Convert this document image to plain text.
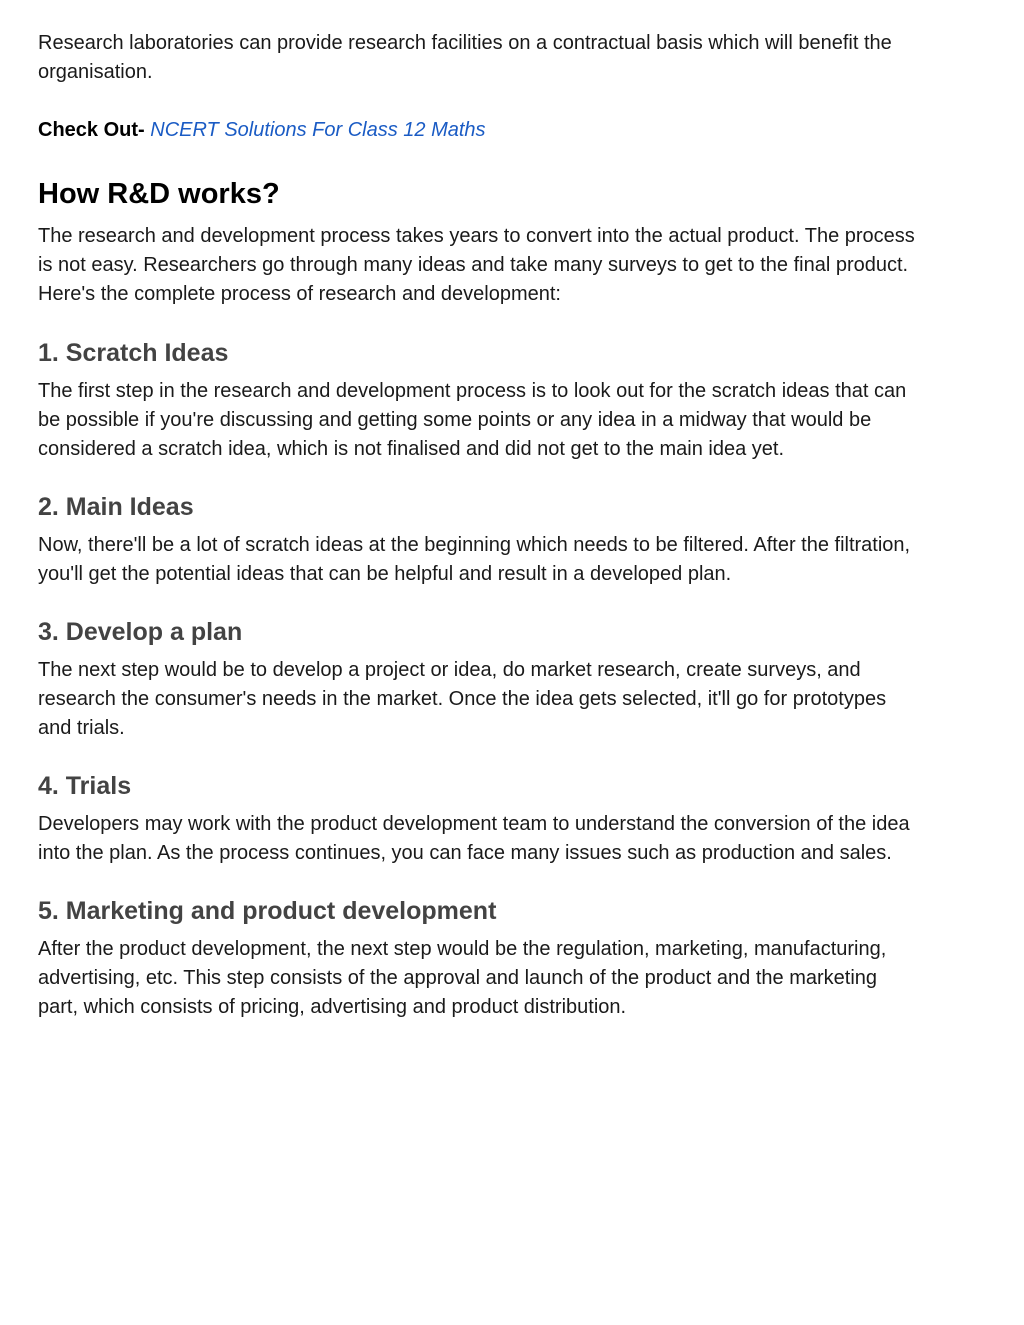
Research laboratories can provide research facilities on a contractual basis which will benefit the organisation.

Check Out- NCERT Solutions For Class 12 Maths

How R&D works?

The research and development process takes years to convert into the actual product. The process is not easy. Researchers go through many ideas and take many surveys to get to the final product. Here's the complete process of research and development:

1. Scratch Ideas

The first step in the research and development process is to look out for the scratch ideas that can be possible if you're discussing and getting some points or any idea in a midway that would be considered a scratch idea, which is not finalised and did not get to the main idea yet.

2. Main Ideas

Now, there'll be a lot of scratch ideas at the beginning which needs to be filtered. After the filtration, you'll get the potential ideas that can be helpful and result in a developed plan.

3. Develop a plan

The next step would be to develop a project or idea, do market research, create surveys, and research the consumer's needs in the market. Once the idea gets selected, it'll go for prototypes and trials.

4. Trials

Developers may work with the product development team to understand the conversion of the idea into the plan. As the process continues, you can face many issues such as production and sales.

5. Marketing and product development

After the product development, the next step would be the regulation, marketing, manufacturing, advertising, etc. This step consists of the approval and launch of the product and the marketing part, which consists of pricing, advertising and product distribution.
